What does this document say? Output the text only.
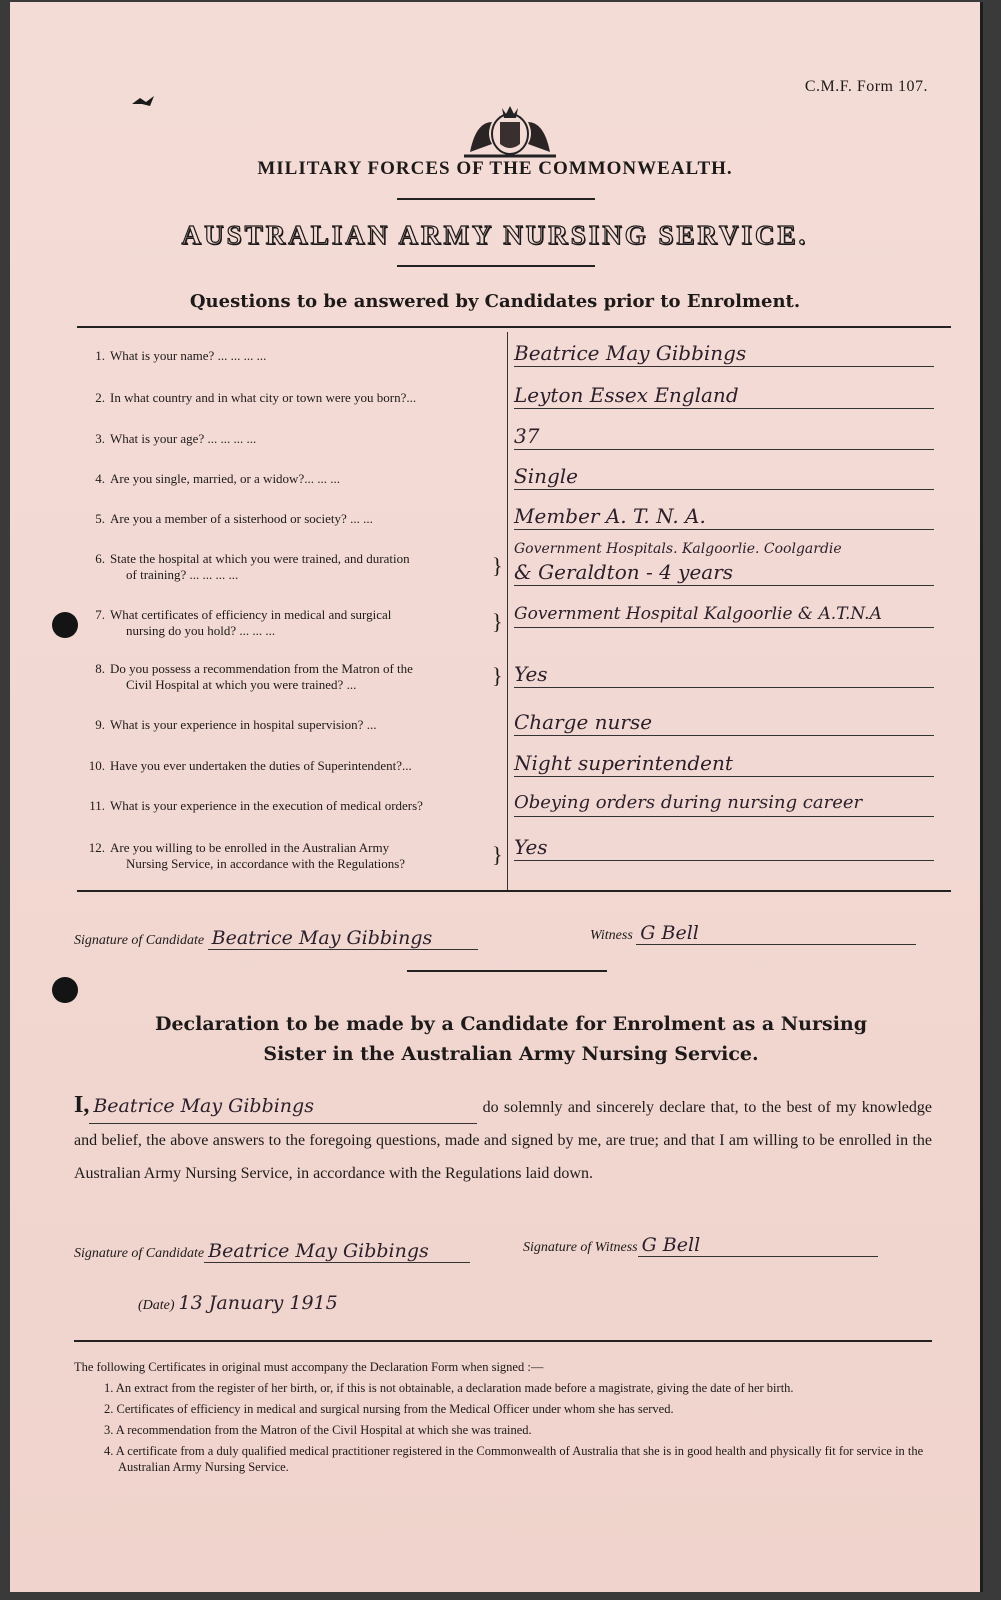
C.M.F. Form 107.
MILITARY FORCES OF THE COMMONWEALTH.
AUSTRALIAN ARMY NURSING SERVICE.
Questions to be answered by Candidates prior to Enrolment.
1. What is your name? ... ... ... ...	Beatrice May Gibbings
2. In what country and in what city or town were you born?...	Leyton Essex England
3. What is your age? ... ... ... ...	37
4. Are you single, married, or a widow?... ... ...	Single
5. Are you a member of a sisterhood or society? ... ...	Member A. T. N. A.
6. State the hospital at which you were trained, and duration
of training? ... ... ... ...	}
Government Hospitals. Kalgoorlie. Coolgardie
& Geraldton - 4 years
7. What certificates of efficiency in medical and surgical
nursing do you hold? ... ... ...	} Government Hospital Kalgoorlie & A.T.N.A
8. Do you possess a recommendation from the Matron of the
Civil Hospital at which you were trained? ...	} Yes
9. What is your experience in hospital supervision? ...	Charge nurse
10. Have you ever undertaken the duties of Superintendent?...	Night superintendent
11. What is your experience in the execution of medical orders?	Obeying orders during nursing career
12. Are you willing to be enrolled in the Australian Army
Nursing Service, in accordance with the Regulations?	} Yes
Signature of Candidate Beatrice May Gibbings	Witness G Bell
Declaration to be made by a Candidate for Enrolment as a Nursing
Sister in the Australian Army Nursing Service.
I, Beatrice May Gibbings	do solemnly and sincerely declare that, to the best of my knowledge and belief, the above answers to the foregoing questions, made and signed by me, are true; and that I am willing to be enrolled in the Australian Army Nursing Service, in accordance with the Regulations laid down.
Signature of Candidate Beatrice May Gibbings	Signature of Witness G Bell
(Date) 13 January 1915
The following Certificates in original must accompany the Declaration Form when signed :—
1. An extract from the register of her birth, or, if this is not obtainable, a declaration made before a magistrate, giving the date of her birth.
2. Certificates of efficiency in medical and surgical nursing from the Medical Officer under whom she has served.
3. A recommendation from the Matron of the Civil Hospital at which she was trained.
4. A certificate from a duly qualified medical practitioner registered in the Commonwealth of Australia that she is in good health and physically fit for service in the Australian Army Nursing Service.
